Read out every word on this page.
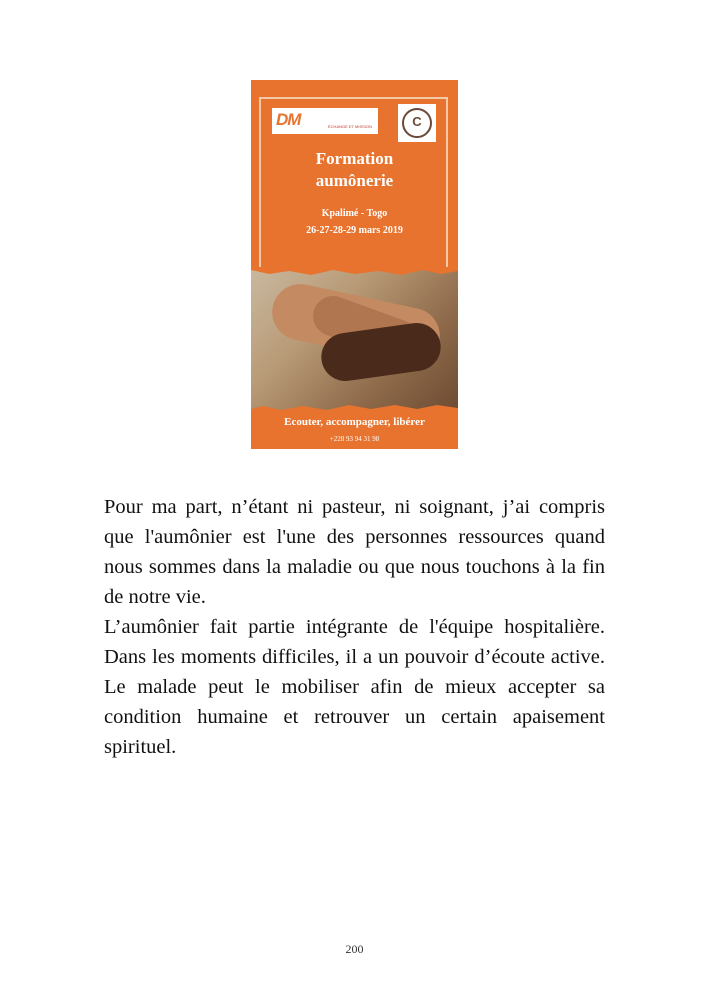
DM	ÉCHANGE ET MISSION	C
Formation
aumônerie
Kpalimé - Togo
26-27-28-29 mars 2019
Ecouter, accompagner, libérer
+228 93 94 31 98

Pour ma part, n’étant ni pasteur, ni soignant, j’ai compris que l'aumônier est l'une des personnes ressources quand nous sommes dans la maladie ou que nous touchons à la fin de notre vie.

L’aumônier fait partie intégrante de l'équipe hospitalière. Dans les moments difficiles, il a un pouvoir d’écoute active. Le malade peut le mobiliser afin de mieux accepter sa condition humaine et retrouver un certain apaisement spirituel.

200
